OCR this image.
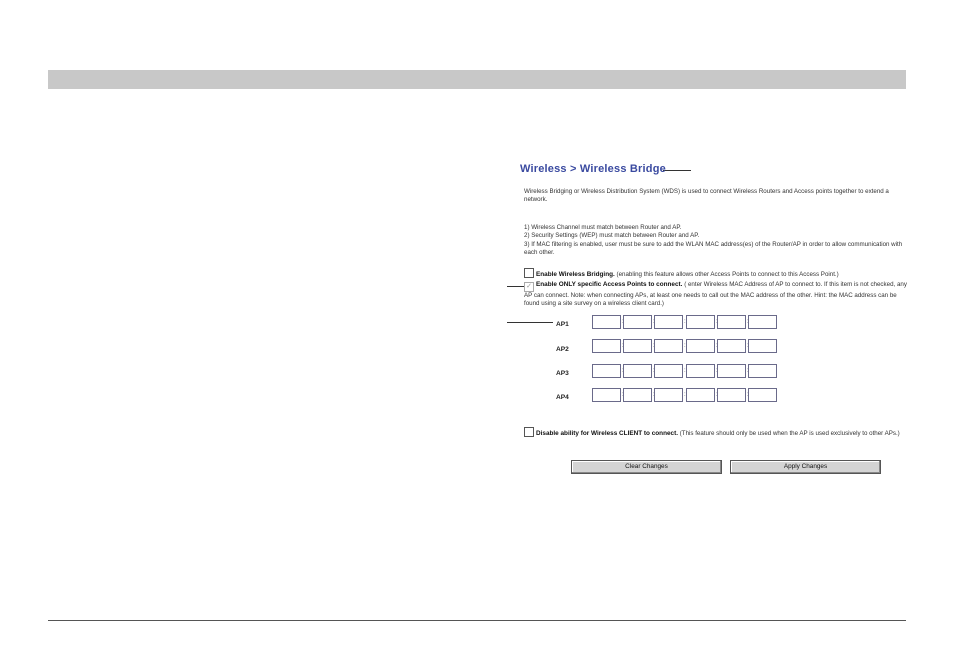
Wireless > Wireless Bridge
Wireless Bridging or Wireless Distribution System (WDS) is used to connect Wireless Routers and Access points together to extend a network.
1) Wireless Channel must match between Router and AP.
2) Security Settings (WEP) must match between Router and AP.
3) If MAC filtering is enabled, user must be sure to add the WLAN MAC address(es) of the Router/AP in order to allow communication with each other.
Enable Wireless Bridging. (enabling this feature allows other Access Points to connect to this Access Point.)
✓ Enable ONLY specific Access Points to connect. ( enter Wireless MAC Address of AP to connect to. If this item is not checked, any AP can connect. Note: when connecting APs, at least one needs to call out the MAC address of the other. Hint: the MAC address can be found using a site survey on a wireless client card.)
AP1	:
AP2	:
AP3	:
AP4	:
Disable ability for Wireless CLIENT to connect. (This feature should only be used when the AP is used exclusively to other APs.)
Clear Changes	Apply Changes
